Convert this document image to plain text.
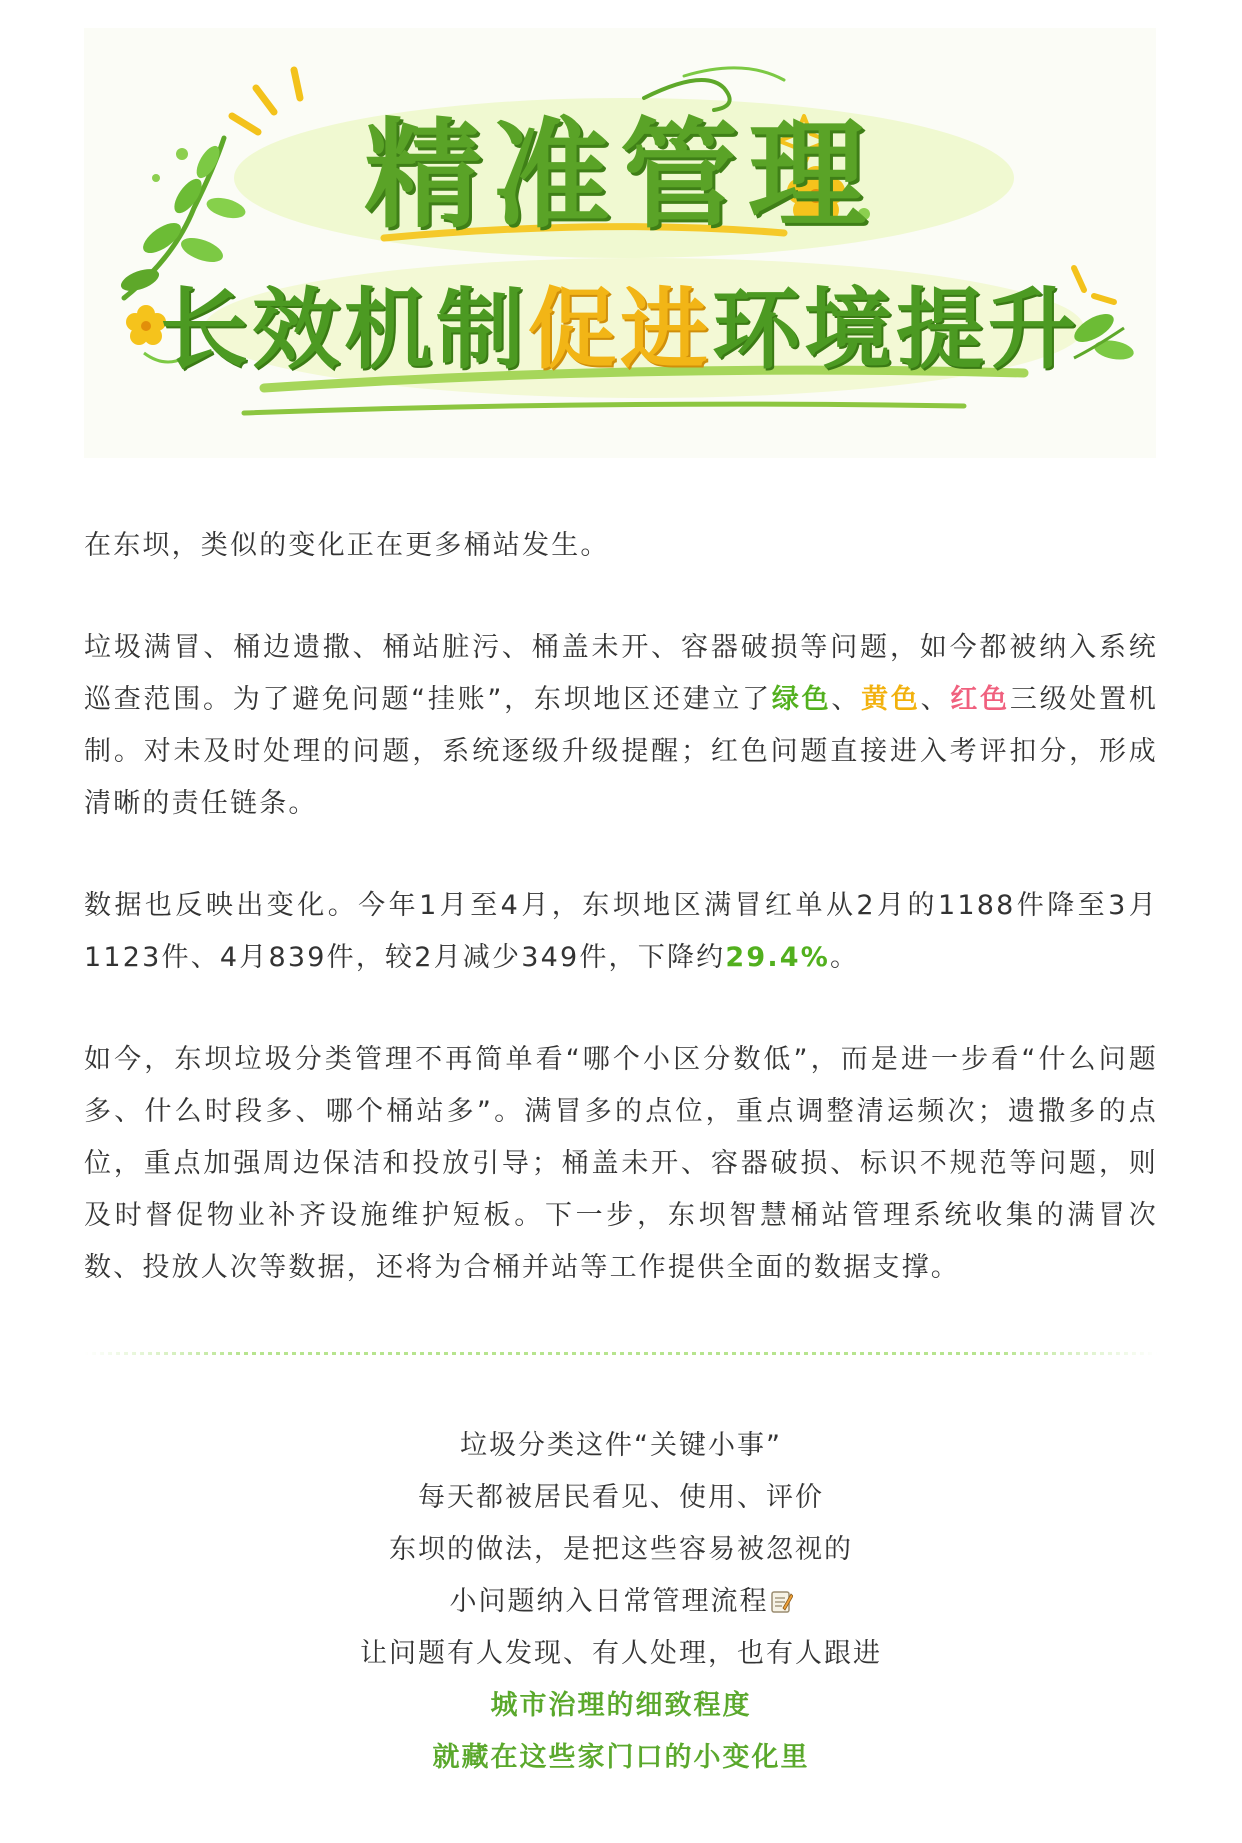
精准管理
长效机制促进环境提升

在东坝，类似的变化正在更多桶站发生。

垃圾满冒、桶边遗撒、桶站脏污、桶盖未开、容器破损等问题，如今都被纳入系统巡查范围。为了避免问题“挂账”，东坝地区还建立了绿色、黄色、红色三级处置机制。对未及时处理的问题，系统逐级升级提醒；红色问题直接进入考评扣分，形成清晰的责任链条。

数据也反映出变化。今年1月至4月，东坝地区满冒红单从2月的1188件降至3月1123件、4月839件，较2月减少349件，下降约29.4%。

如今，东坝垃圾分类管理不再简单看“哪个小区分数低”，而是进一步看“什么问题多、什么时段多、哪个桶站多”。满冒多的点位，重点调整清运频次；遗撒多的点位，重点加强周边保洁和投放引导；桶盖未开、容器破损、标识不规范等问题，则及时督促物业补齐设施维护短板。下一步，东坝智慧桶站管理系统收集的满冒次数、投放人次等数据，还将为合桶并站等工作提供全面的数据支撑。

垃圾分类这件“关键小事”
每天都被居民看见、使用、评价
东坝的做法，是把这些容易被忽视的
小问题纳入日常管理流程
让问题有人发现、有人处理，也有人跟进
城市治理的细致程度
就藏在这些家门口的小变化里
